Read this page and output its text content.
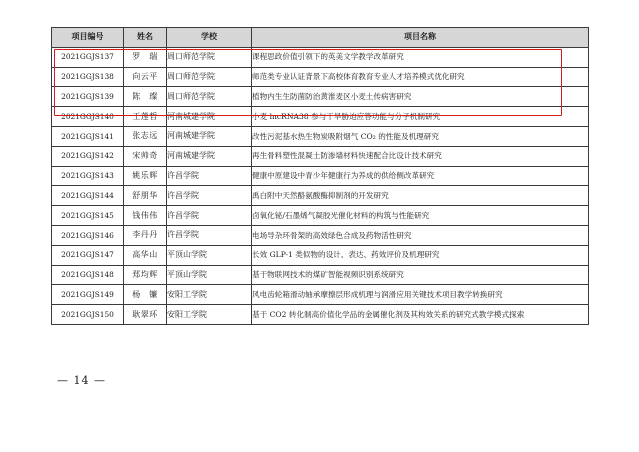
项目编号	姓名	学校	项目名称
2021GGJS137	罗　瑞	周口师范学院	课程思政价值引领下的英美文学教学改革研究
2021GGJS138	向云平	周口师范学院	师范类专业认证背景下高校体育教育专业人才培养模式优化研究
2021GGJS139	陈　璨	周口师范学院	植物内生生防菌防治黄淮麦区小麦土传病害研究
2021GGJS140	王莲哲	河南城建学院	小麦 lncRNA38 参与干旱胁迫应答功能与分子机制研究
2021GGJS141	张志远	河南城建学院	改性污泥基水热生物炭吸附烟气 CO₂ 的性能及机理研究
2021GGJS142	宋帅奇	河南城建学院	再生骨料塑性混凝土防渗墙材料快速配合比设计技术研究
2021GGJS143	姚乐辉	许昌学院	健康中原建设中青少年健康行为养成的供给侧改革研究
2021GGJS144	舒朋华	许昌学院	禹白附中天然酪氨酸酶抑制剂的开发研究
2021GGJS145	钱伟伟	许昌学院	卤氧化铋/石墨烯气凝胶光催化材料的构筑与性能研究
2021GGJS146	李丹丹	许昌学院	电场导杂环骨架的高效绿色合成及药物活性研究
2021GGJS147	高华山	平顶山学院	长效 GLP-1 类似物的设计、表达、药效评价及机理研究
2021GGJS148	郑均辉	平顶山学院	基于物联网技术的煤矿智能视频识别系统研究
2021GGJS149	杨　镰	安阳工学院	风电齿轮箱滑动轴承摩擦层形成机理与润滑应用关键技术项目教学转换研究
2021GGJS150	耿翠环	安阳工学院	基于 CO2 转化制高价值化学品的金属催化剂及其构效关系的研究式教学模式探索
— 14 —
